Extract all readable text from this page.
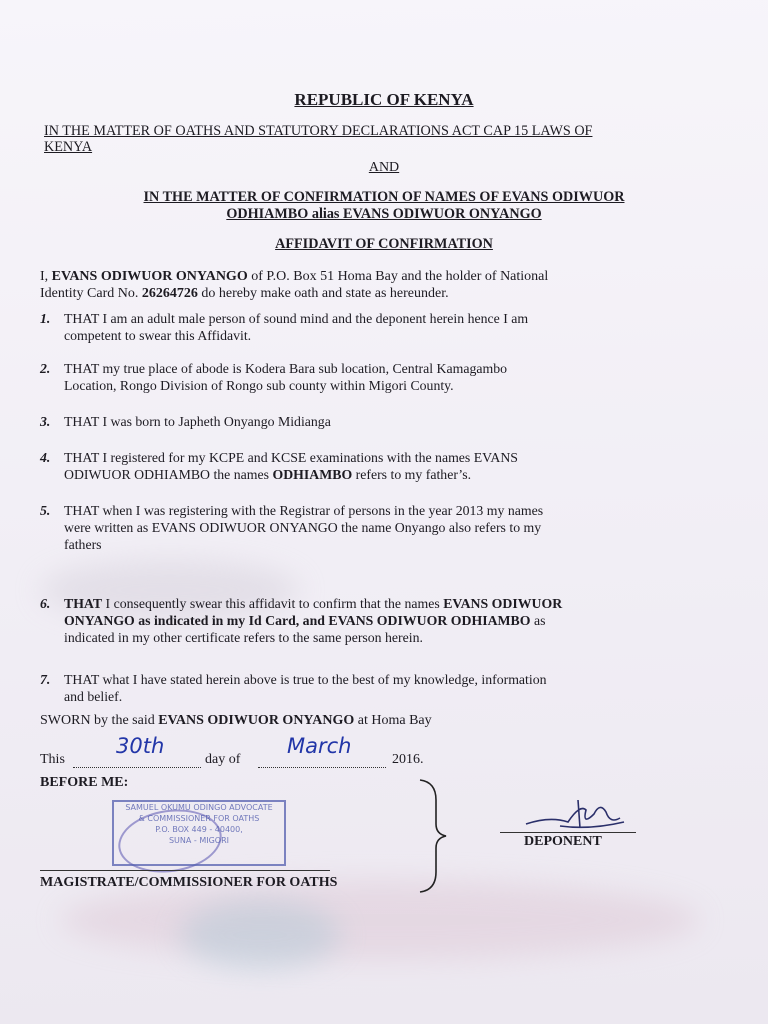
REPUBLIC OF KENYA
IN THE MATTER OF OATHS AND STATUTORY DECLARATIONS ACT CAP 15 LAWS OF
KENYA
AND
IN THE MATTER OF CONFIRMATION OF NAMES OF EVANS ODIWUOR
ODHIAMBO alias EVANS ODIWUOR ONYANGO
AFFIDAVIT OF CONFIRMATION
I, EVANS ODIWUOR ONYANGO of P.O. Box 51 Homa Bay and the holder of National
Identity Card No. 26264726 do hereby make oath and state as hereunder.
1. THAT I am an adult male person of sound mind and the deponent herein hence I am
competent to swear this Affidavit.
2. THAT my true place of abode is Kodera Bara sub location, Central Kamagambo
Location, Rongo Division of Rongo sub county within Migori County.
3. THAT I was born to Japheth Onyango Midianga
4. THAT I registered for my KCPE and KCSE examinations with the names EVANS
ODIWUOR ODHIAMBO the names ODHIAMBO refers to my father’s.
5. THAT when I was registering with the Registrar of persons in the year 2013 my names
were written as EVANS ODIWUOR ONYANGO the name Onyango also refers to my
fathers
6. THAT I consequently swear this affidavit to confirm that the names EVANS ODIWUOR
ONYANGO as indicated in my Id Card, and EVANS ODIWUOR ODHIAMBO as
indicated in my other certificate refers to the same person herein.
7. THAT what I have stated herein above is true to the best of my knowledge, information
and belief.
SWORN by the said EVANS ODIWUOR ONYANGO at Homa Bay
This
30th
day of
March
2016.
BEFORE ME:
SAMUEL OKUMU ODINGO ADVOCATE
& COMMISSIONER FOR OATHS
P.O. BOX 449 - 40400,
SUNA - MIGORI	DEPONENT
MAGISTRATE/COMMISSIONER FOR OATHS
